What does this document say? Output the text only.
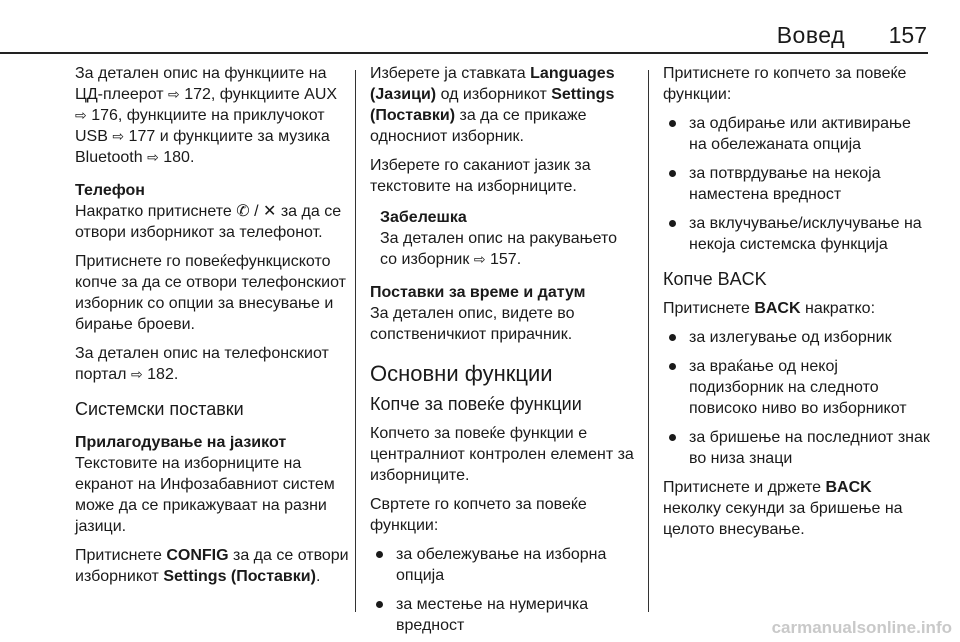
Вовед 157

За детален опис на функциите на ЦД-плеерот ⇨ 172, функциите AUX ⇨ 176, функциите на приклучокот USB ⇨ 177 и функциите за музика Bluetooth ⇨ 180.

Телефон

Накратко притиснете ✆ / ✕ за да се отвори изборникот за телефонот.

Притиснете го повеќефункциското копче за да се отвори телефонскиот изборник со опции за внесување и бирање броеви.

За детален опис на телефонскиот портал ⇨ 182.

Системски поставки
Прилагодување на јазикот

Текстовите на изборниците на екранот на Инфозабавниот систем може да се прикажуваат на разни јазици.

Притиснете CONFIG за да се отвори изборникот Settings (Поставки).

Изберете ја ставката Languages (Јазици) од изборникот Settings (Поставки) за да се прикаже односниот изборник.

Изберете го саканиот јазик за текстовите на изборниците.

Забелешка
За детален опис на ракувањето со изборник ⇨ 157.
Поставки за време и датум

За детален опис, видете во сопственичкиот прирачник.

Основни функции
Копче за повеќе функции

Копчето за повеќе функции е централниот контролен елемент за изборниците.

Свртете го копчето за повеќе функции:

за обележување на изборна опција
за местење на нумеричка вредност

Притиснете го копчето за повеќе функции:

за одбирање или активирање на обележаната опција
за потврдување на некоја наместена вредност
за вклучување/исклучување на некоја системска функција
Копче BACK

Притиснете BACK накратко:

за излегување од изборник
за враќање од некој подизборник на следното повисоко ниво во изборникот
за бришење на последниот знак во низа знаци

Притиснете и држете BACK неколку секунди за бришење на целото внесување.

carmanualsonline.info
